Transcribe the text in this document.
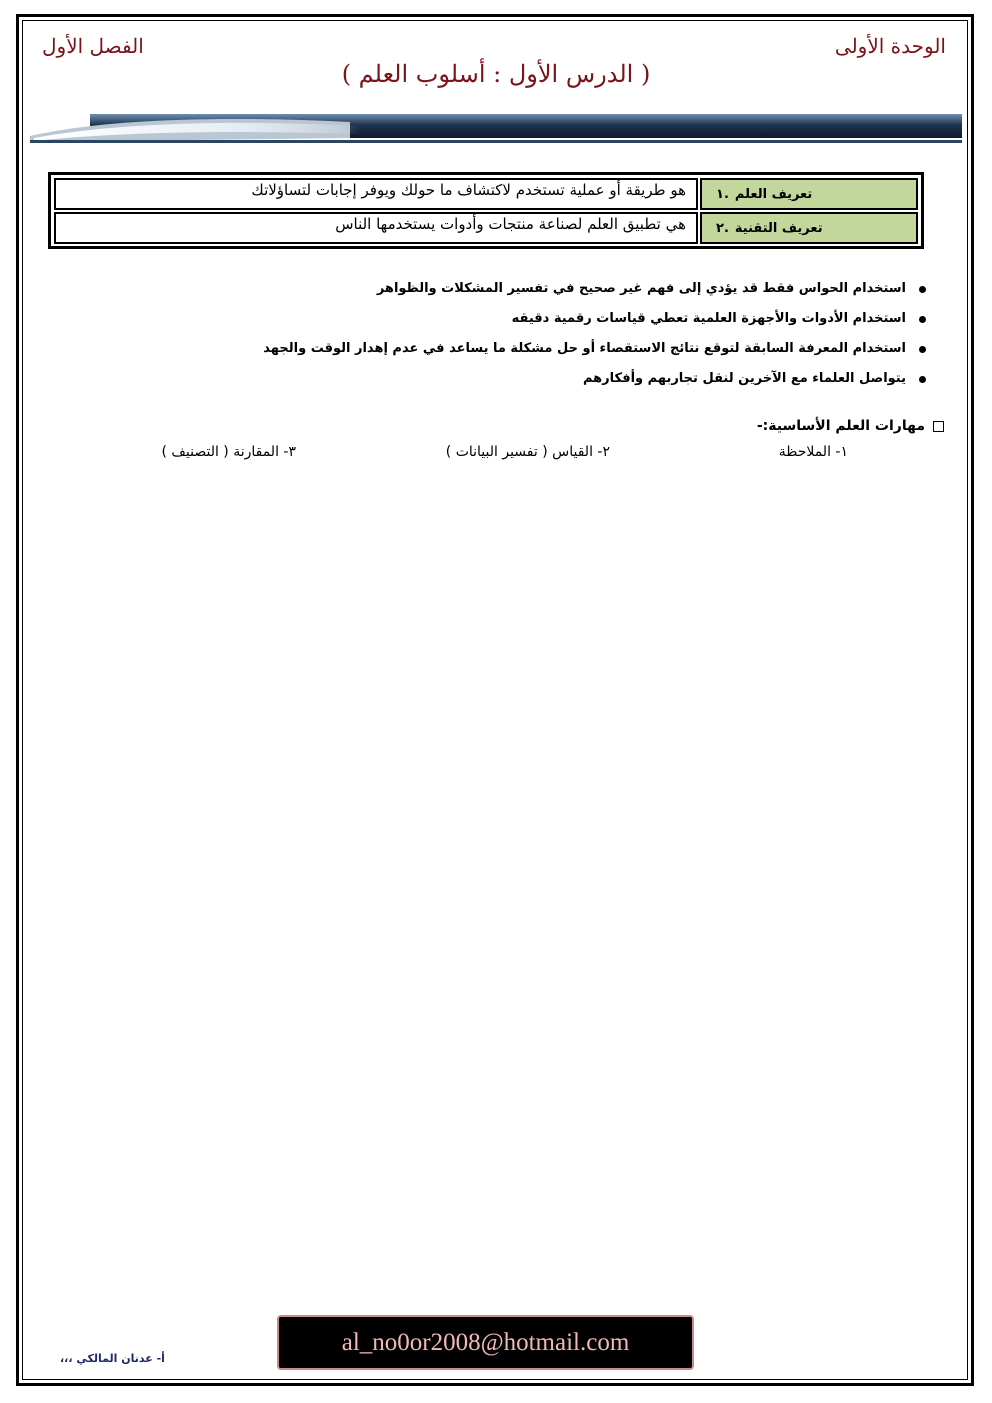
الوحدة الأولى
الفصل الأول
( الدرس الأول : أسلوب العلم )
.١ تعريف العلم
هو طريقة أو عملية تستخدم لاكتشاف ما حولك ويوفر إجابات لتساؤلاتك
.٢ تعريف التقنية
هي تطبيق العلم لصناعة منتجات وأدوات يستخدمها الناس
استخدام الحواس فقط قد يؤدي إلى فهم غير صحيح في تفسير المشكلات والظواهر
استخدام الأدوات والأجهزة العلمية تعطي قياسات رقمية دقيقه
استخدام المعرفة السابقة لتوقع نتائج الاستقصاء أو حل مشكلة ما يساعد في عدم إهدار الوقت والجهد
يتواصل العلماء مع الآخرين لنقل تجاربهم وأفكارهم
مهارات العلم الأساسية:-
١- الملاحظة
٢- القياس ( تفسير البيانات )
٣- المقارنة ( التصنيف )
al_no0or2008@hotmail.com
أ- عدنان المالكي ،،،
